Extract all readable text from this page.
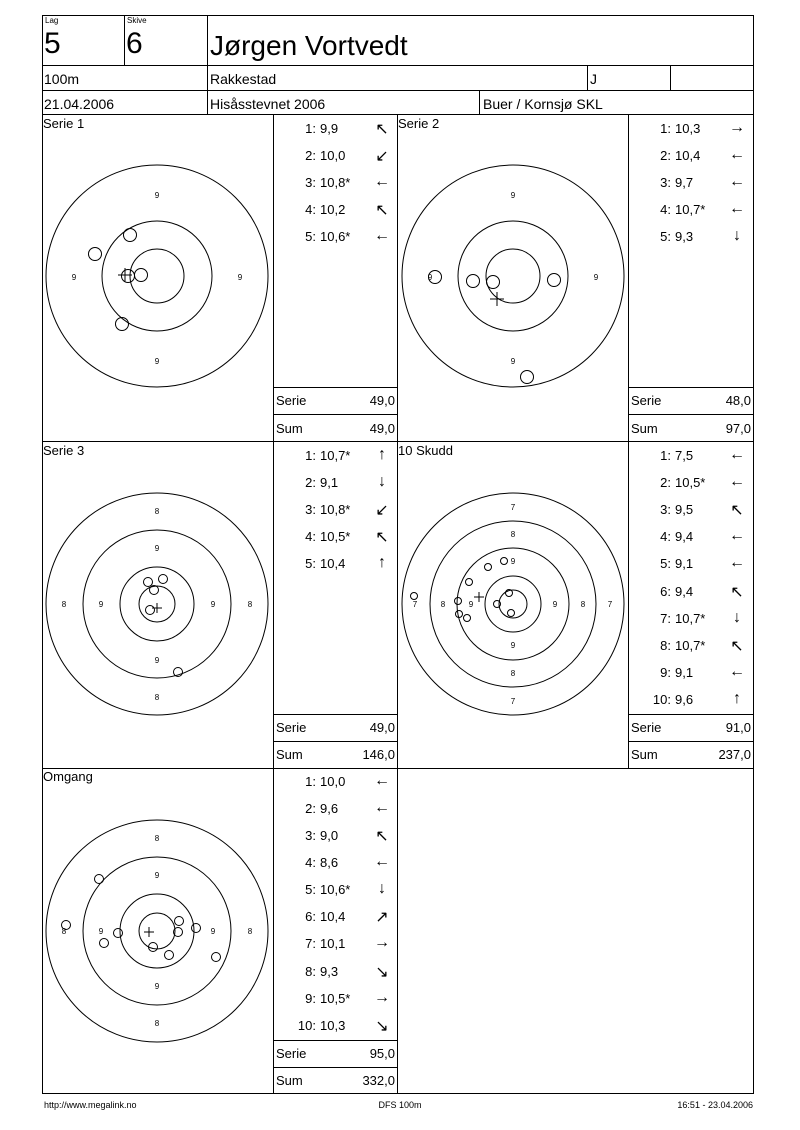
Lag
5
Skive
6 Jørgen Vortvedt
100m	Rakkestad	J
21.04.2006	Hisåsstevnet 2006	Buer / Kornsjø SKL
Serie 1
9
9
9	9
1: 9,9	↖
2: 10,0	↙
3: 10,8*	←
4: 10,2	↖
5: 10,6*	←
Serie	49,0
Sum	49,0
Serie 2
9
9
9	9
1: 10,3	→
2: 10,4	←
3: 9,7	←
4: 10,7*	←
5: 9,3	↓
Serie	48,0
Sum	97,0
Serie 3
8
9
9
8
8	9	9	8
1: 10,7*	↑
2: 9,1	↓
3: 10,8*	↙
4: 10,5*	↖
5: 10,4	↑
Serie	49,0
Sum	146,0
10 Skudd
7
8
9
9
8
7
7	8	9	9	8	7
1: 7,5	←
2: 10,5*	←
3: 9,5	↖
4: 9,4	←
5: 9,1	←
6: 9,4	↖
7: 10,7*	↓
8: 10,7*	↖
9: 9,1	←
10: 9,6	↑
Serie	91,0
Sum	237,0
Omgang
8
9
9
8
8	9	9	8
1: 10,0	←
2: 9,6	←
3: 9,0	↖
4: 8,6	←
5: 10,6*	↓
6: 10,4	↗
7: 10,1	→
8: 9,3	↘
9: 10,5*	→
10: 10,3	↘
Serie	95,0
Sum	332,0
http://www.megalink.no	DFS 100m	16:51 - 23.04.2006
